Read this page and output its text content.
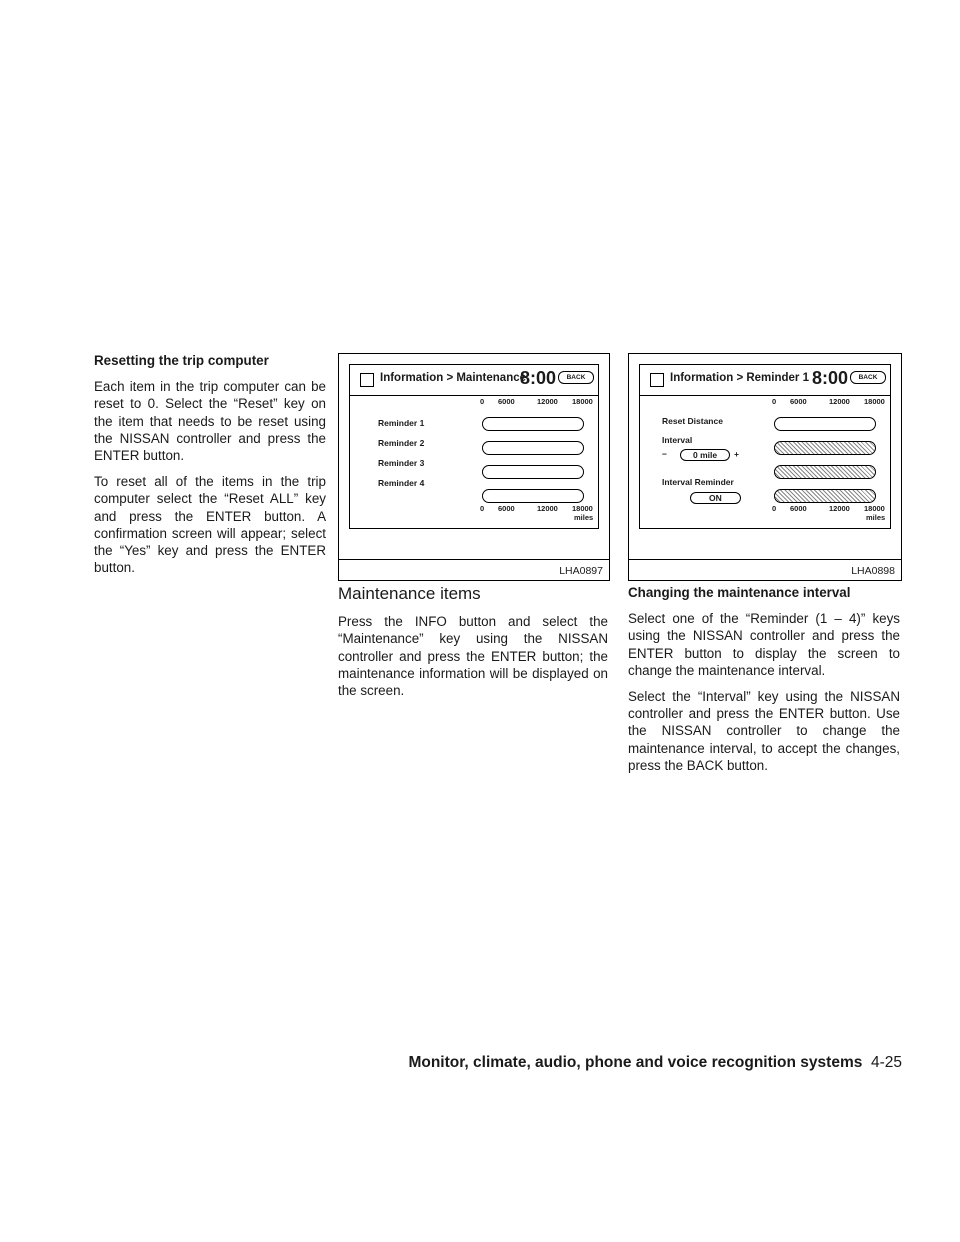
Resetting the trip computer

Each item in the trip computer can be reset to 0. Select the “Reset” key on the item that needs to be reset using the NISSAN controller and press the ENTER button.

To reset all of the items in the trip computer select the “Reset ALL” key and press the ENTER button. A confirmation screen will appear; select the “Yes” key and press the ENTER button.

Information > Maintenance
8:00	BACK
0 6000	12000 18000
Reminder 1
Reminder 2
Reminder 3
Reminder 4
0 6000	12000 18000
miles
LHA0897
Information > Reminder 1 8:00	BACK
0 6000	12000 18000
Reset Distance
Interval
−	0 mile	+
Interval Reminder
ON
0 6000	12000 18000
miles
LHA0898
Maintenance items

Press the INFO button and select the “Maintenance” key using the NISSAN controller and press the ENTER button; the maintenance information will be displayed on the screen.

Changing the maintenance interval

Select one of the “Reminder (1 – 4)” keys using the NISSAN controller and press the ENTER button to display the screen to change the maintenance interval.

Select the “Interval” key using the NISSAN controller and press the ENTER button. Use the NISSAN controller to change the maintenance interval, to accept the changes, press the BACK button.

Monitor, climate, audio, phone and voice recognition systems 4-25
